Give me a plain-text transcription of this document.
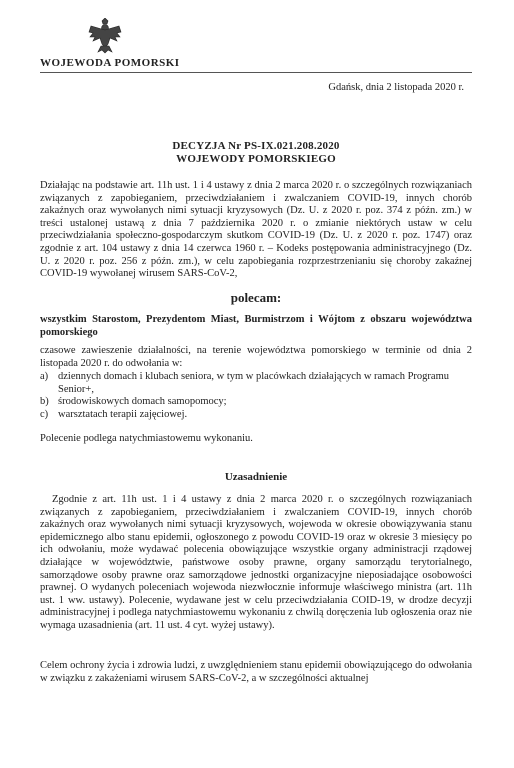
WOJEWODA POMORSKI
Gdańsk, dnia 2 listopada 2020 r.
DECYZJA Nr PS-IX.021.208.2020
WOJEWODY POMORSKIEGO

Działając na podstawie art. 11h ust. 1 i 4 ustawy z dnia 2 marca 2020 r. o szczególnych rozwiązaniach związanych z zapobieganiem, przeciwdziałaniem i zwalczaniem COVID-19, innych chorób zakaźnych oraz wywołanych nimi sytuacji kryzysowych (Dz. U. z 2020 r. poz. 374 z późn. zm.) w treści ustalonej ustawą z dnia 7 października 2020 r. o zmianie niektórych ustaw w celu przeciwdziałania społeczno-gospodarczym skutkom COVID-19 (Dz. U. z 2020 r. poz. 1747) oraz zgodnie z art. 104 ustawy z dnia 14 czerwca 1960 r. – Kodeks postępowania administracyjnego (Dz. U. z 2020 r. poz. 256 z późn. zm.), w celu zapobiegania rozprzestrzenianiu się choroby zakaźnej COVID-19 wywołanej wirusem SARS-CoV-2,

polecam:

wszystkim Starostom, Prezydentom Miast, Burmistrzom i Wójtom z obszaru województwa pomorskiego

czasowe zawieszenie działalności, na terenie województwa pomorskiego w terminie od dnia 2 listopada 2020 r. do odwołania w:

a) dziennych domach i klubach seniora, w tym w placówkach działających w ramach Programu Senior+,
b) środowiskowych domach samopomocy;
c) warsztatach terapii zajęciowej.

Polecenie podlega natychmiastowemu wykonaniu.

Uzasadnienie

Zgodnie z art. 11h ust. 1 i 4 ustawy z dnia 2 marca 2020 r. o szczególnych rozwiązaniach związanych z zapobieganiem, przeciwdziałaniem i zwalczaniem COVID-19, innych chorób zakaźnych oraz wywołanych nimi sytuacji kryzysowych, wojewoda w okresie obowiązywania stanu epidemicznego albo stanu epidemii, ogłoszonego z powodu COVID-19 oraz w okresie 3 miesięcy po ich odwołaniu, może wydawać polecenia obowiązujące wszystkie organy administracji rządowej działające w województwie, państwowe osoby prawne, organy samorządu terytorialnego, samorządowe osoby prawne oraz samorządowe jednostki organizacyjne nieposiadające osobowości prawnej. O wydanych poleceniach wojewoda niezwłocznie informuje właściwego ministra (art. 11h ust. 1 ww. ustawy). Polecenie, wydawane jest w celu przeciwdziałania COID-19, w drodze decyzji administracyjnej i podlega natychmiastowemu wykonaniu z chwilą doręczenia lub ogłoszenia oraz nie wymaga uzasadnienia (art. 11 ust. 4 cyt. wyżej ustawy).

Celem ochrony życia i zdrowia ludzi, z uwzględnieniem stanu epidemii obowiązującego do odwołania w związku z zakażeniami wirusem SARS-CoV-2, a w szczególności aktualnej
